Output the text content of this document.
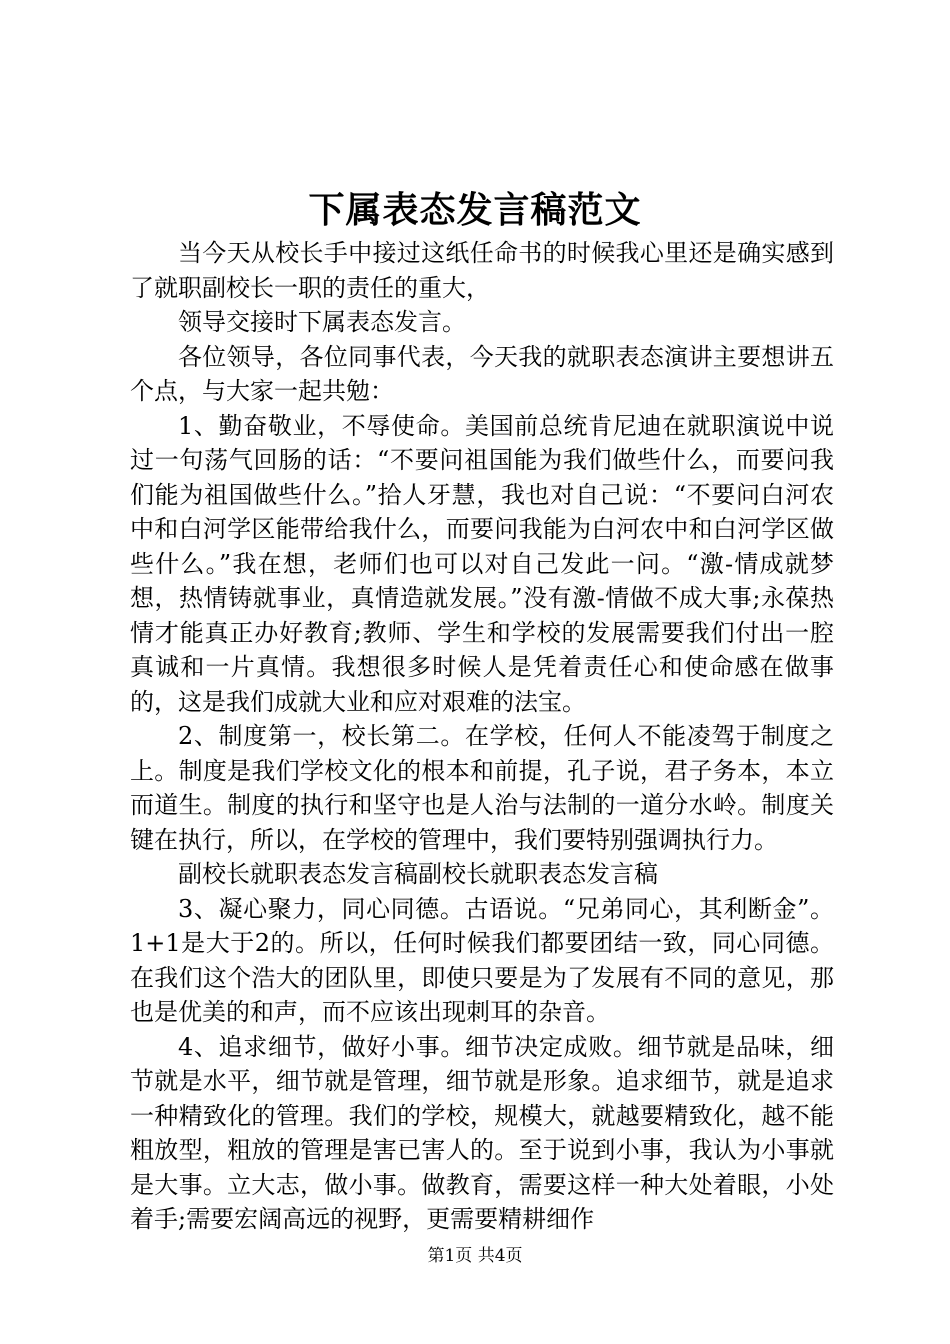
下属表态发言稿范文

当今天从校长手中接过这纸任命书的时候我心里还是确实感到了就职副校长一职的责任的重大，

领导交接时下属表态发言。

各位领导，各位同事代表，今天我的就职表态演讲主要想讲五个点，与大家一起共勉：

1、勤奋敬业，不辱使命。美国前总统肯尼迪在就职演说中说过一句荡气回肠的话：“不要问祖国能为我们做些什么，而要问我们能为祖国做些什么。”拾人牙慧，我也对自己说：“不要问白河农中和白河学区能带给我什么，而要问我能为白河农中和白河学区做些什么。”我在想，老师们也可以对自己发此一问。“激-情成就梦想，热情铸就事业，真情造就发展。”没有激-情做不成大事;永葆热情才能真正办好教育;教师、学生和学校的发展需要我们付出一腔真诚和一片真情。我想很多时候人是凭着责任心和使命感在做事的，这是我们成就大业和应对艰难的法宝。

2、制度第一，校长第二。在学校，任何人不能凌驾于制度之上。制度是我们学校文化的根本和前提，孔子说，君子务本，本立而道生。制度的执行和坚守也是人治与法制的一道分水岭。制度关键在执行，所以，在学校的管理中，我们要特别强调执行力。

副校长就职表态发言稿副校长就职表态发言稿

3、凝心聚力，同心同德。古语说。“兄弟同心，其利断金”。1+1是大于2的。所以，任何时候我们都要团结一致，同心同德。在我们这个浩大的团队里，即使只要是为了发展有不同的意见，那也是优美的和声，而不应该出现刺耳的杂音。

4、追求细节，做好小事。细节决定成败。细节就是品味，细节就是水平，细节就是管理，细节就是形象。追求细节，就是追求一种精致化的管理。我们的学校，规模大，就越要精致化，越不能粗放型，粗放的管理是害已害人的。至于说到小事，我认为小事就是大事。立大志，做小事。做教育，需要这样一种大处着眼，小处着手;需要宏阔高远的视野，更需要精耕细作

第1页 共4页
